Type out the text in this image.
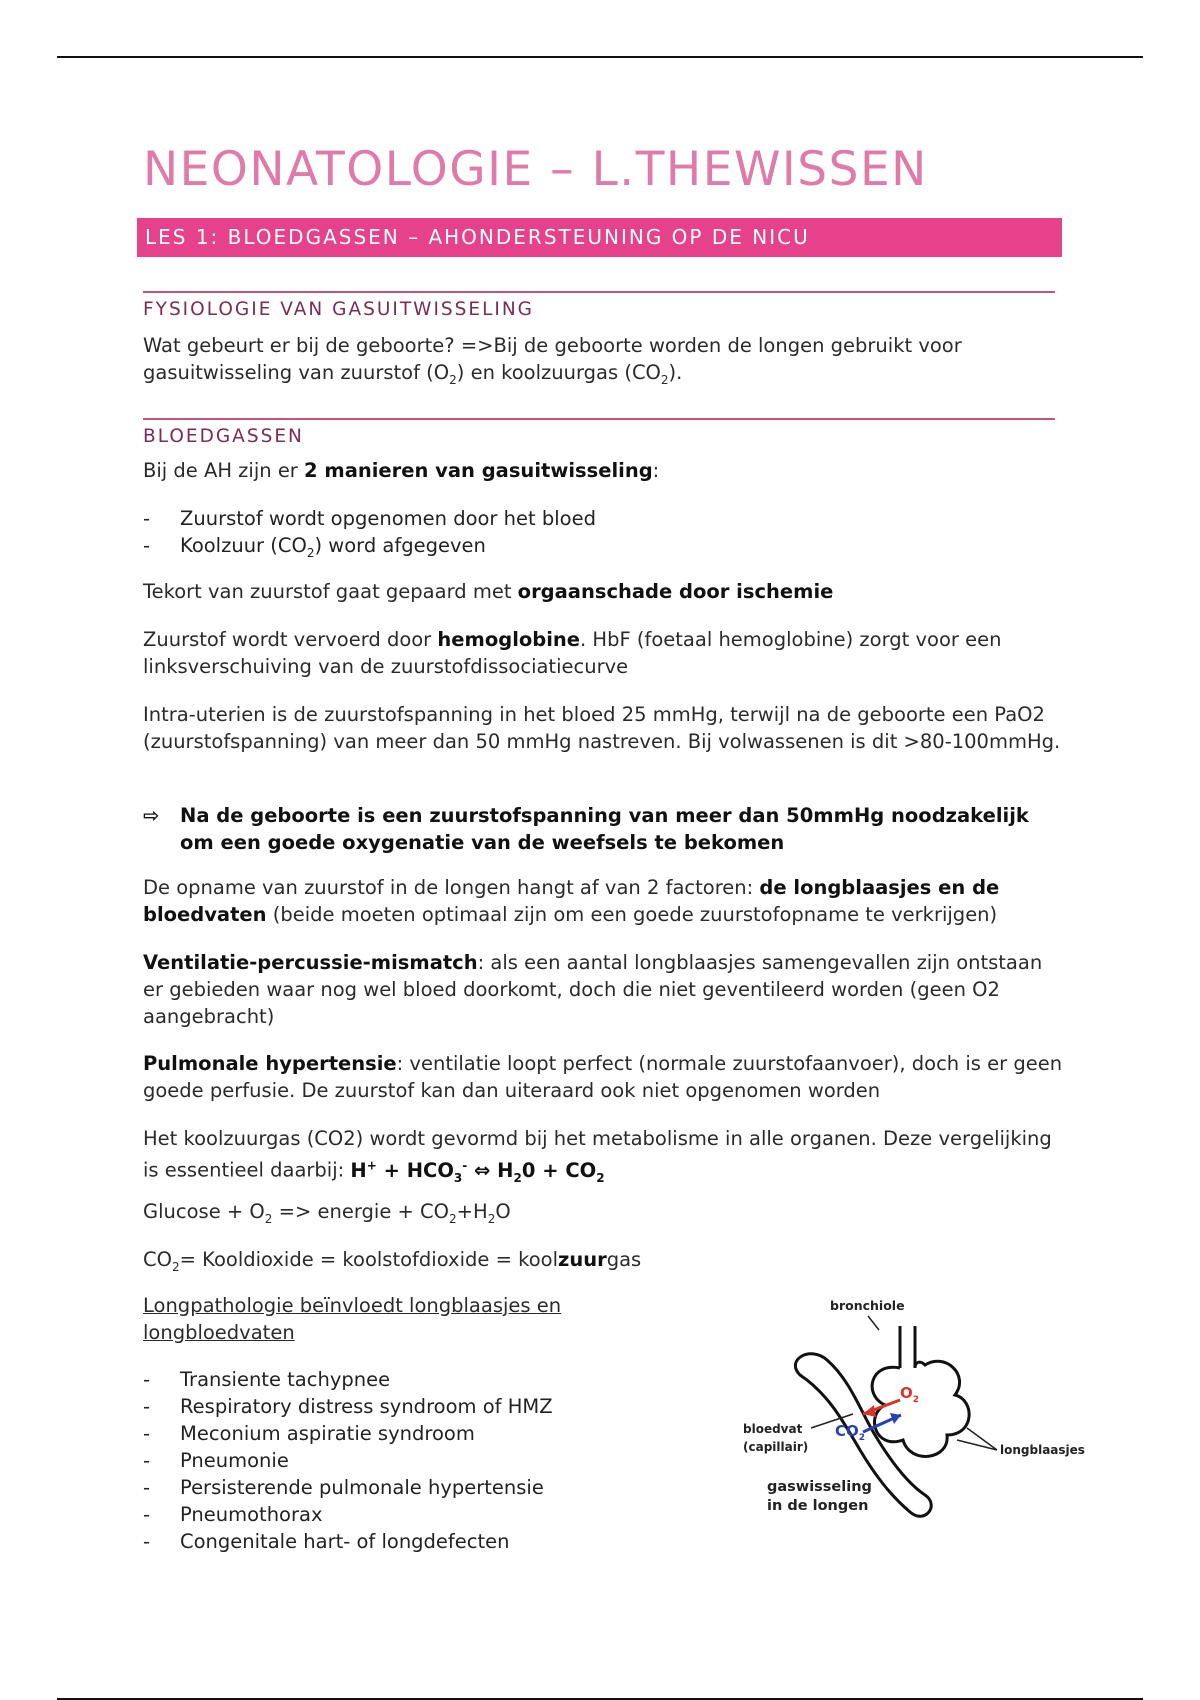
NEONATOLOGIE – L.THEWISSEN
LES 1: BLOEDGASSEN – AHONDERSTEUNING OP DE NICU
FYSIOLOGIE VAN GASUITWISSELING
Wat gebeurt er bij de geboorte? =>Bij de geboorte worden de longen gebruikt voor gasuitwisseling van zuurstof $(O_2)$ en koolzuurgas $(CO_2)$.
BLOEDGASSEN
Bij de AH zijn er 2 manieren van gasuitwisseling:
- Zuurstof wordt opgenomen door het bloed
- Koolzuur $(CO_2)$ word afgegeven
Tekort van zuurstof gaat gepaard met orgaanschade door ischemie
Zuurstof wordt vervoerd door hemoglobine. HbF (foetaal hemoglobine) zorgt voor een linksverschuiving van de zuurstofdissociatiecurve
Intra-uterien is de zuurstofspanning in het bloed 25 mmHg, terwijl na de geboorte een PaO2 (zuurstofspanning) van meer dan 50 mmHg nastreven. Bij volwassenen is dit >80-100mmHg.
⇨	Na de geboorte is een zuurstofspanning van meer dan 50mmHg noodzakelijk om een goede oxygenatie van de weefsels te bekomen
De opname van zuurstof in de longen hangt af van 2 factoren: de longblaasjes en de bloedvaten (beide moeten optimaal zijn om een goede zuurstofopname te verkrijgen)
Ventilatie-percussie-mismatch: als een aantal longblaasjes samengevallen zijn ontstaan er gebieden waar nog wel bloed doorkomt, doch die niet geventileerd worden (geen O2 aangebracht)
Pulmonale hypertensie: ventilatie loopt perfect (normale zuurstofaanvoer), doch is er geen goede perfusie. De zuurstof kan dan uiteraard ook niet opgenomen worden
Het koolzuurgas (CO2) wordt gevormd bij het metabolisme in alle organen. Deze vergelijking is essentieel daarbij: $H^+ + HCO_3^-$ ⇔ $H_20 + CO_2$
$Glucose + O_2$ => energie + $CO_2+H_2O$
$CO_2=$ Kooldioxide = koolstofdioxide = koolzuurgas
Longpathologie beïnvloedt longblaasjes en longbloedvaten
- Transiente tachypnee
- Respiratory distress syndroom of HMZ
- Meconium aspiratie syndroom
- Pneumonie
- Persisterende pulmonale hypertensie
- Pneumothorax
- Congenitale hart- of longdefecten
bronchiole
$O_2$
$CO_2$
bloedvat
(capillair)	longblaasjes
gaswisseling
in de longen
